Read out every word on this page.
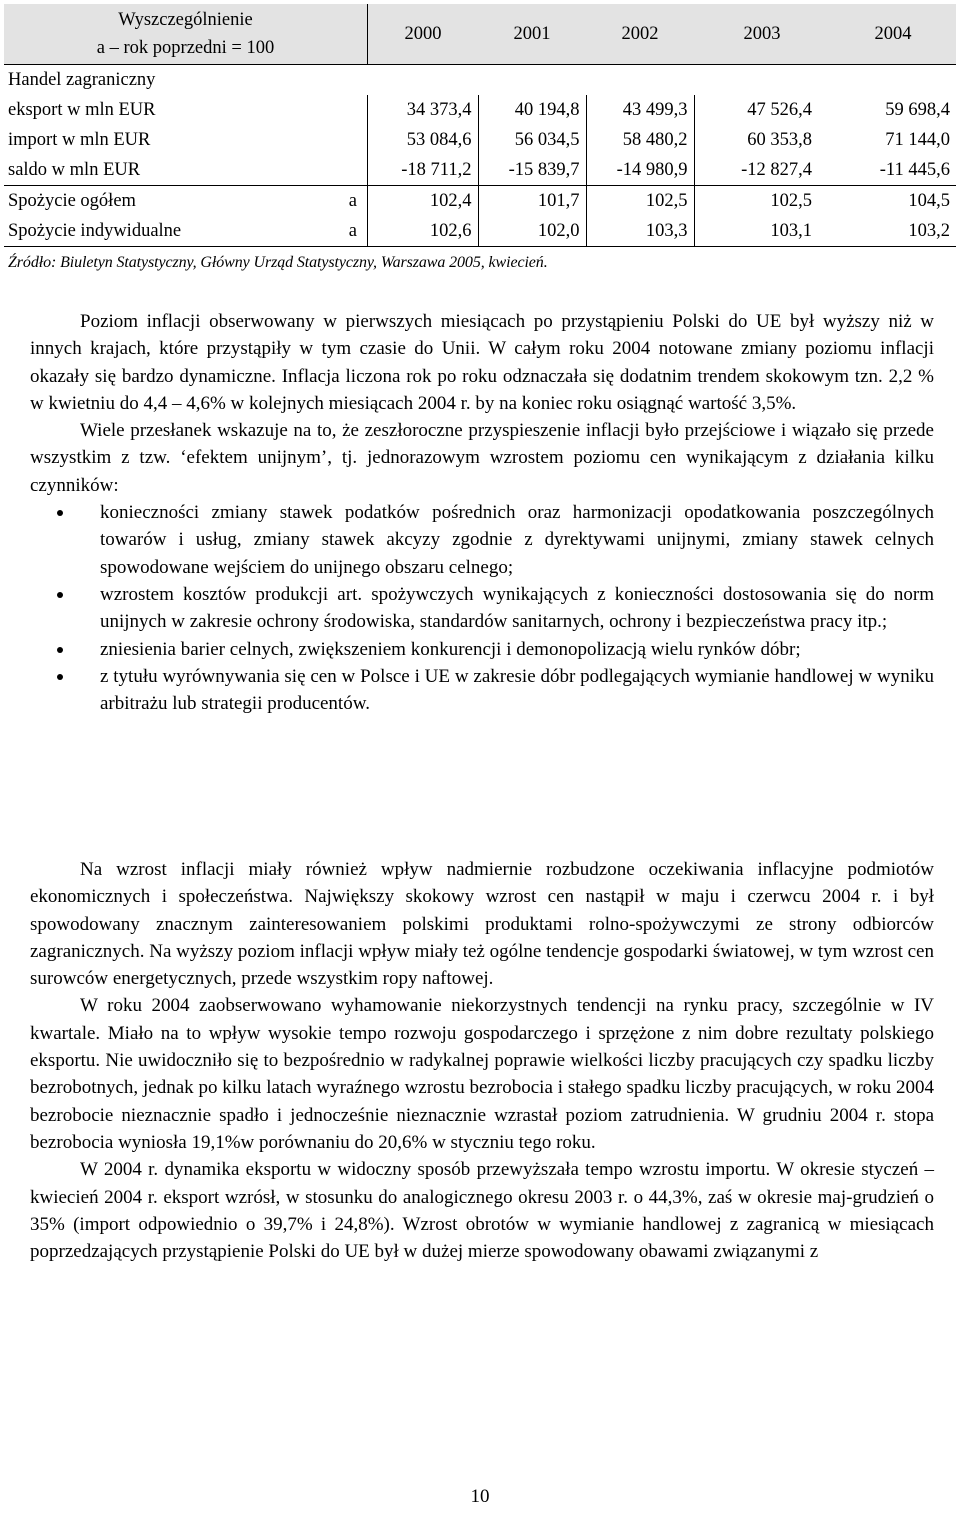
Wyszczególnienie
a – rok poprzedni = 100		2000	2001	2002	2003	2004
Handel zagraniczny						
eksport w mln EUR		34 373,4	40 194,8	43 499,3	47 526,4	59 698,4
import w mln EUR		53 084,6	56 034,5	58 480,2	60 353,8	71 144,0
saldo w mln EUR		-18 711,2	-15 839,7	-14 980,9	-12 827,4	-11 445,6
Spożycie ogółem	a	102,4	101,7	102,5	102,5	104,5
Spożycie indywidualne	a	102,6	102,0	103,3	103,1	103,2
Źródło: Biuletyn Statystyczny, Główny Urząd Statystyczny, Warszawa 2005, kwiecień.

Poziom inflacji obserwowany w pierwszych miesiącach po przystąpieniu Polski do UE był wyższy niż w innych krajach, które przystąpiły w tym czasie do Unii. W całym roku 2004 notowane zmiany poziomu inflacji okazały się bardzo dynamiczne. Inflacja liczona rok po roku odznaczała się dodatnim trendem skokowym tzn. 2,2 % w kwietniu do 4,4 – 4,6% w kolejnych miesiącach 2004 r. by na koniec roku osiągnąć wartość 3,5%.

Wiele przesłanek wskazuje na to, że zeszłoroczne przyspieszenie inflacji było przejściowe i wiązało się przede wszystkim z tzw. ‘efektem unijnym’, tj. jednorazowym wzrostem poziomu cen wynikającym z działania kilku czynników:

konieczności zmiany stawek podatków pośrednich oraz harmonizacji opodatkowania poszczególnych towarów i usług, zmiany stawek akcyzy zgodnie z dyrektywami unijnymi, zmiany stawek celnych spowodowane wejściem do unijnego obszaru celnego;
wzrostem kosztów produkcji art. spożywczych wynikających z konieczności dostosowania się do norm unijnych w zakresie ochrony środowiska, standardów sanitarnych, ochrony i bezpieczeństwa pracy itp.;
zniesienia barier celnych, zwiększeniem konkurencji i demonopolizacją wielu rynków dóbr;
z tytułu wyrównywania się cen w Polsce i UE w zakresie dóbr podlegających wymianie handlowej w wyniku arbitrażu lub strategii producentów.

Na wzrost inflacji miały również wpływ nadmiernie rozbudzone oczekiwania inflacyjne podmiotów ekonomicznych i społeczeństwa. Największy skokowy wzrost cen nastąpił w maju i czerwcu 2004 r. i był spowodowany znacznym zainteresowaniem polskimi produktami rolno-spożywczymi ze strony odbiorców zagranicznych. Na wyższy poziom inflacji wpływ miały też ogólne tendencje gospodarki światowej, w tym wzrost cen surowców energetycznych, przede wszystkim ropy naftowej.

W roku 2004 zaobserwowano wyhamowanie niekorzystnych tendencji na rynku pracy, szczególnie w IV kwartale. Miało na to wpływ wysokie tempo rozwoju gospodarczego i sprzężone z nim dobre rezultaty polskiego eksportu. Nie uwidoczniło się to bezpośrednio w radykalnej poprawie wielkości liczby pracujących czy spadku liczby bezrobotnych, jednak po kilku latach wyraźnego wzrostu bezrobocia i stałego spadku liczby pracujących, w roku 2004 bezrobocie nieznacznie spadło i jednocześnie nieznacznie wzrastał poziom zatrudnienia. W grudniu 2004 r. stopa bezrobocia wyniosła 19,1%w porównaniu do 20,6% w styczniu tego roku.

W 2004 r. dynamika eksportu w widoczny sposób przewyższała tempo wzrostu importu. W okresie styczeń – kwiecień 2004 r. eksport wzrósł, w stosunku do analogicznego okresu 2003 r. o 44,3%, zaś w okresie maj-grudzień o 35% (import odpowiednio o 39,7% i 24,8%). Wzrost obrotów w wymianie handlowej z zagranicą w miesiącach poprzedzających przystąpienie Polski do UE był w dużej mierze spowodowany obawami związanymi z

10
